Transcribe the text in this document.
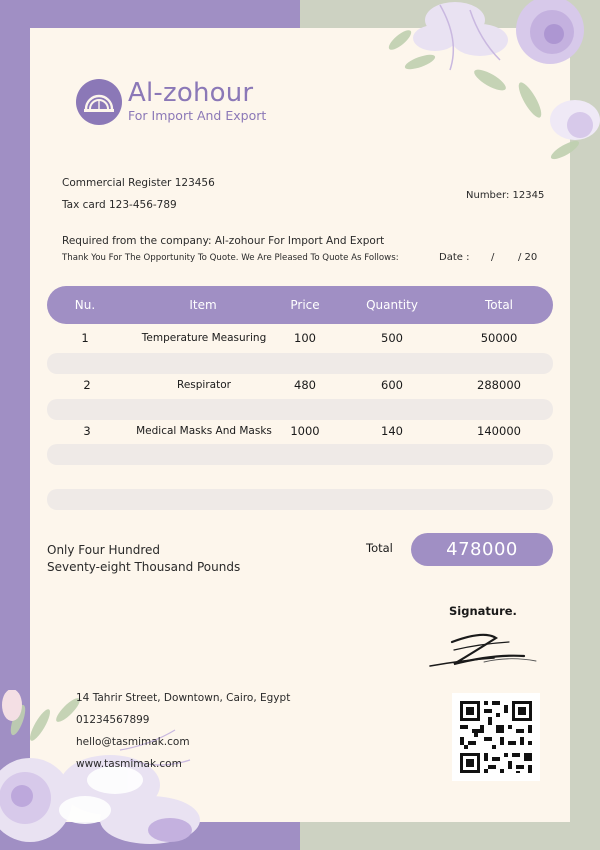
Al-zohour
For Import And Export
Commercial Register 123456
Tax card 123-456-789
Number: 12345
Required from the company: Al-zohour For Import And Export
Thank You For The Opportunity To Quote. We Are Pleased To Quote As Follows:	Date : / / 20
Nu.	Item	Price	Quantity	Total
1	Temperature Measuring	100	500	50000
2	Respirator	480	600	288000
3	Medical Masks And Masks	1000	140	140000
Only Four Hundred
Seventy-eight Thousand Pounds
Total	478000
Signature.
14 Tahrir Street, Downtown, Cairo, Egypt
01234567899
hello@tasmimak.com
www.tasmimak.com
